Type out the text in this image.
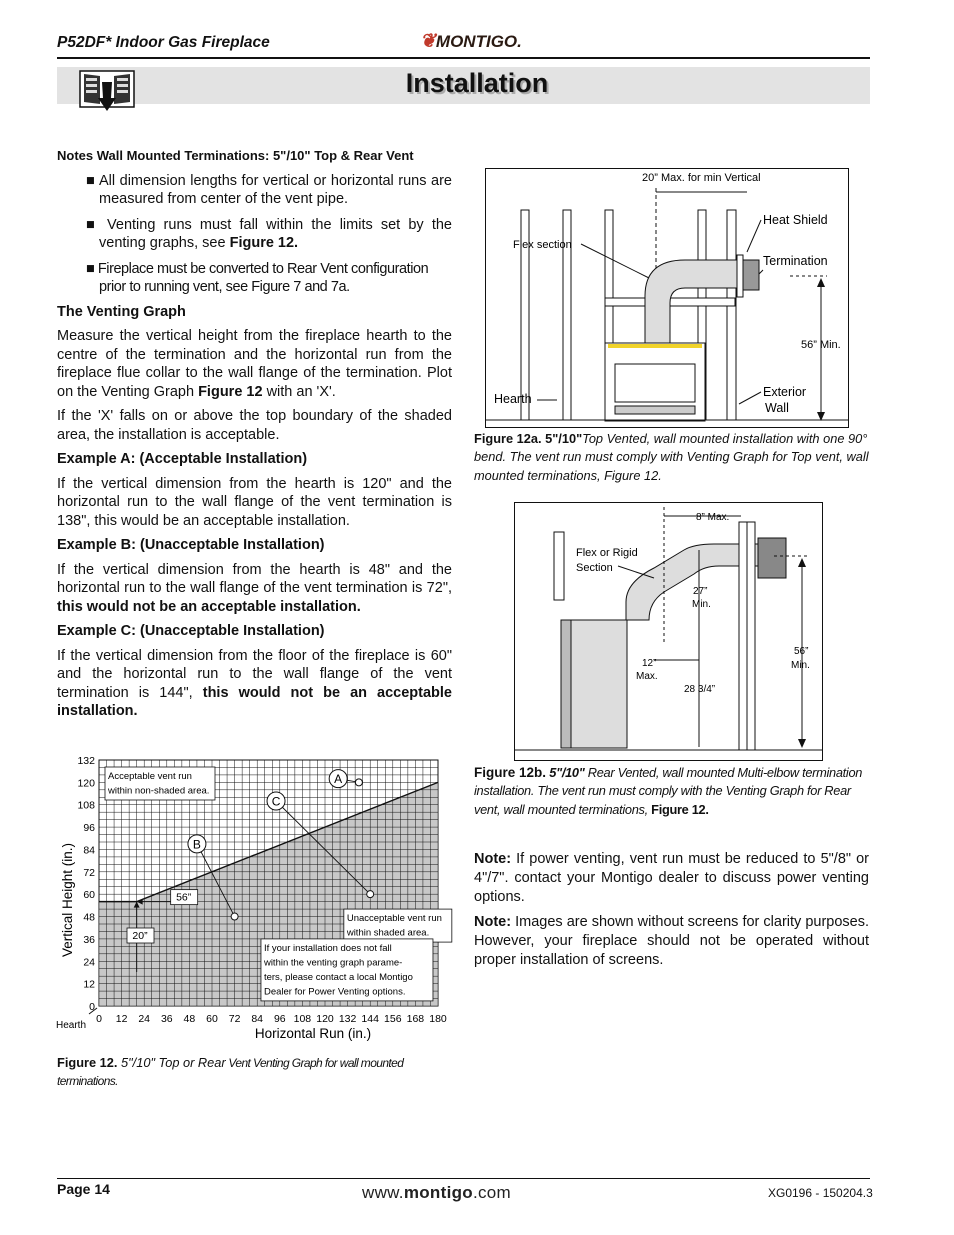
P52DF* Indoor Gas Fireplace	❦MONTIGO.
Installation

Notes Wall Mounted Terminations: 5"/10" Top & Rear Vent

■ All dimension lengths for vertical or horizontal runs are measured from center of the vent pipe.

■ Venting runs must fall within the limits set by the venting graphs, see Figure 12.

■ Fireplace must be converted to Rear Vent configuration prior to running vent, see Figure 7 and 7a.

The Venting Graph

Measure the vertical height from the fireplace hearth to the centre of the termination and the horizontal run from the fireplace flue collar to the wall flange of the termination. Plot on the Venting Graph Figure 12 with an 'X'.

If the 'X' falls on or above the top boundary of the shaded area, the installation is acceptable.

Example A: (Acceptable Installation)

If the vertical dimension from the hearth is 120" and the horizontal run to the wall flange of the vent termination is 138", this would be an acceptable installation.

Example B: (Unacceptable Installation)

If the vertical dimension from the hearth is 48" and the horizontal run to the wall flange of the vent termination is 72", this would not be an acceptable installation.

Example C: (Unacceptable Installation)

If the vertical dimension from the floor of the fireplace is 60" and the horizontal run to the wall flange of the vent termination is 144", this would not be an acceptable installation.

0 12 24 36 48 60 72 84 96 108 120 132 144 156 168 180
0
12
24
36
48
60
72
84
96
108
120
132
56”
20”
Acceptable vent run
within non-shaded area.
Unacceptable vent run
within shaded area.
If your installation does not fall
within the venting graph parame-
ters, please contact a local Montigo
Dealer for Power Venting options.
A
B
C
Horizontal Run (in.)
Vertical Height (in.)
Hearth
Figure 12. 5"/10" Top or Rear Vent Venting Graph for wall mounted terminations.
20” Max. for min Vertical
Heat Shield
Flex section
Termination
56” Min.
Hearth	Exterior
Wall
Figure 12a. 5"/10"Top Vented, wall mounted installation with one 90° bend. The vent run must comply with Venting Graph for Top vent, wall mounted terminations, Figure 12.
8” Max.
Flex or Rigid
Section
27”
Min.
12”
Max.
28 3/4”
56”
Min.
Figure 12b. 5"/10" Rear Vented, wall mounted Multi-elbow termination installation. The vent run must comply with the Venting Graph for Rear vent, wall mounted terminations, Figure 12.
Note: If power venting, vent run must be reduced to 5"/8" or 4"/7". contact your Montigo dealer to discuss power venting options.
Note: Images are shown without screens for clarity purposes. However, your fireplace should not be operated without proper installation of screens.
Page 14	www.montigo.com	XG0196 - 150204.3
